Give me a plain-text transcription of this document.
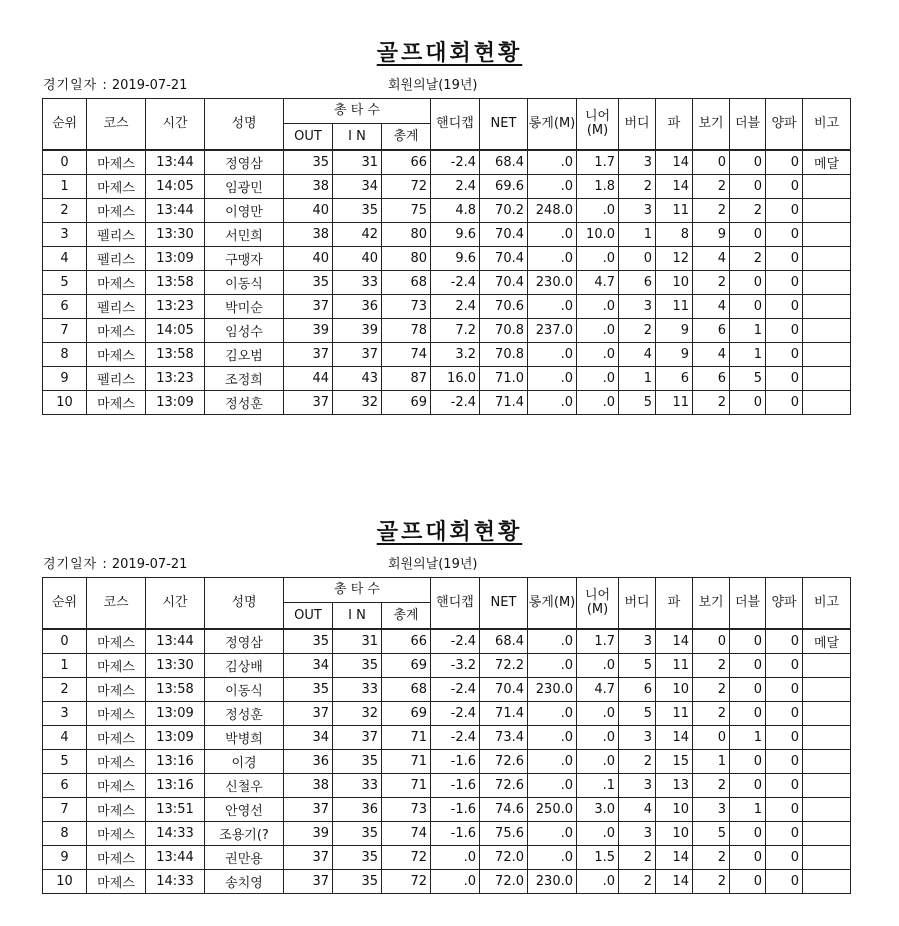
골프대회현황
경기일자 : 2019-07-21	회원의날(19년)
순위	코스	시간	성명	총 타 수			핸디캡	NET	롱게(M)	니어(M)	버디	파	보기	더블	양파	비고
				OUT	I N	총계										
0	마제스	13:44	정영삼	35	31	66	-2.4	68.4	.0	1.7	3	14	0	0	0	메달
1	마제스	14:05	임광민	38	34	72	2.4	69.6	.0	1.8	2	14	2	0	0	
2	마제스	13:44	이영만	40	35	75	4.8	70.2	248.0	.0	3	11	2	2	0	
3	펠리스	13:30	서민희	38	42	80	9.6	70.4	.0	10.0	1	8	9	0	0	
4	펠리스	13:09	구맹자	40	40	80	9.6	70.4	.0	.0	0	12	4	2	0	
5	마제스	13:58	이동식	35	33	68	-2.4	70.4	230.0	4.7	6	10	2	0	0	
6	펠리스	13:23	박미순	37	36	73	2.4	70.6	.0	.0	3	11	4	0	0	
7	마제스	14:05	임성수	39	39	78	7.2	70.8	237.0	.0	2	9	6	1	0	
8	마제스	13:58	김오범	37	37	74	3.2	70.8	.0	.0	4	9	4	1	0	
9	펠리스	13:23	조정희	44	43	87	16.0	71.0	.0	.0	1	6	6	5	0	
10	마제스	13:09	정성훈	37	32	69	-2.4	71.4	.0	.0	5	11	2	0	0	
골프대회현황
경기일자 : 2019-07-21	회원의날(19년)
순위	코스	시간	성명	총 타 수			핸디캡	NET	롱게(M)	니어(M)	버디	파	보기	더블	양파	비고
				OUT	I N	총계										
0	마제스	13:44	정영삼	35	31	66	-2.4	68.4	.0	1.7	3	14	0	0	0	메달
1	마제스	13:30	김상배	34	35	69	-3.2	72.2	.0	.0	5	11	2	0	0	
2	마제스	13:58	이동식	35	33	68	-2.4	70.4	230.0	4.7	6	10	2	0	0	
3	마제스	13:09	정성훈	37	32	69	-2.4	71.4	.0	.0	5	11	2	0	0	
4	마제스	13:09	박병희	34	37	71	-2.4	73.4	.0	.0	3	14	0	1	0	
5	마제스	13:16	이경	36	35	71	-1.6	72.6	.0	.0	2	15	1	0	0	
6	마제스	13:16	신철우	38	33	71	-1.6	72.6	.0	.1	3	13	2	0	0	
7	마제스	13:51	안영선	37	36	73	-1.6	74.6	250.0	3.0	4	10	3	1	0	
8	마제스	14:33	조용기(?	39	35	74	-1.6	75.6	.0	.0	3	10	5	0	0	
9	마제스	13:44	권만용	37	35	72	.0	72.0	.0	1.5	2	14	2	0	0	
10	마제스	14:33	송치영	37	35	72	.0	72.0	230.0	.0	2	14	2	0	0	
